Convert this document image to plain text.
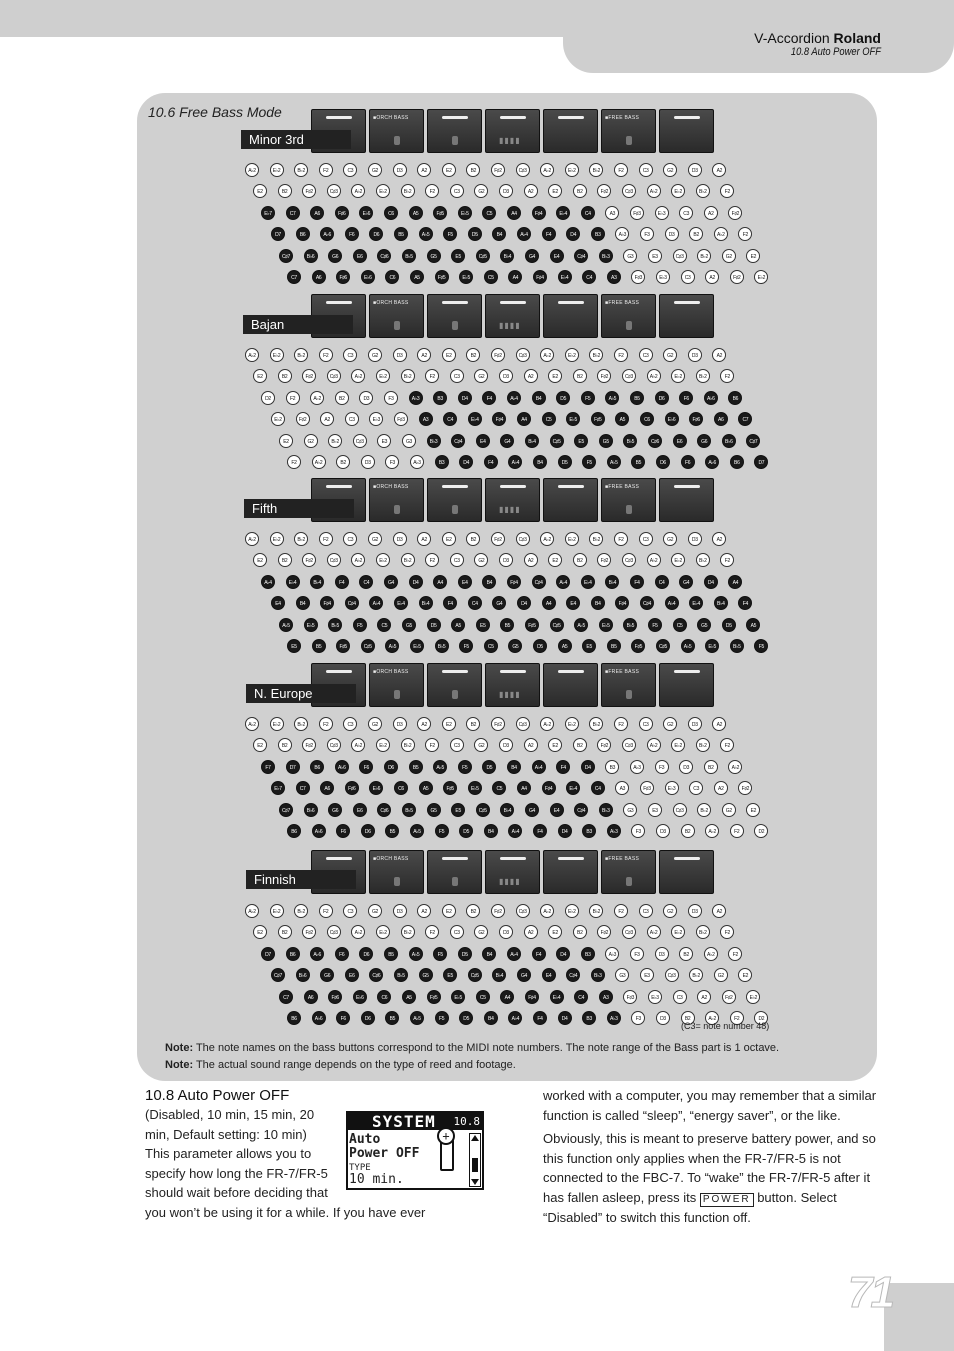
V-Accordion Roland
10.8 Auto Power OFF
10.6 Free Bass Mode	■ORCH BASS
▮▮▮▮
■FREE BASS
Minor 3rd
A♭2	E♭2	B♭2	F2	C3	G2	D3	A2	E2	B2	F♯2	C♯3	A♭2	E♭2	B♭2	F2	C3	G2	D3	A2
E2	B2	F♯2	C♯3	A♭2	E♭2	B♭2	F2	C3	G2	D3	A2	E2	B2	F♯2	C♯3	A♭2	E♭2	B♭2	F2
E♭7	C7	A6	F♯6	E♭6	C6	A5	F♯5	E♭5	C5	A4	F♯4	E♭4	C4	A3	F♯3	E♭3	C3	A2	F♯2
D7	B6	A♭6	F6	D6	B5	A♭5	F5	D5	B4	A♭4	F4	D4	B3	A♭3	F3	D3	B2	A♭2	F2
C♯7	B♭6	G6	E6	C♯6	B♭5	G5	E5	C♯5	B♭4	G4	E4	C♯4	B♭3	G3	E3	C♯3	B♭2	G2	E2
C7	A6	F♯6	E♭6	C6	A5	F♯5	E♭5	C5	A4	F♯4	E♭4	C4	A3	F♯3	E♭3	C3	A2	F♯2	E♭2
■ORCH BASS
▮▮▮▮
■FREE BASS
Bajan
A♭2	E♭2	B♭2	F2	C3	G2	D3	A2	E2	B2	F♯2	C♯3	A♭2	E♭2	B♭2	F2	C3	G2	D3	A2
E2	B2	F♯2	C♯3	A♭2	E♭2	B♭2	F2	C3	G2	D3	A2	E2	B2	F♯2	C♯3	A♭2	E♭2	B♭2	F2
D2	F2	A♭2	B2	D3	F3	A♭3	B3	D4	F4	A♭4	B4	D5	F5	A♭5	B5	D6	F6	A♭6	B6
E♭2	F♯2	A2	C3	E♭3	F♯3	A3	C4	E♭4	F♯4	A4	C5	E♭5	F♯5	A5	C6	E♭6	F♯6	A6	C7
E2	G2	B♭2	C♯3	E3	G3	B♭3	C♯4	E4	G4	B♭4	C♯5	E5	G5	B♭5	C♯6	E6	G6	B♭6	C♯7
F2	A♭2	B2	D3	F3	A♭3	B3	D4	F4	A♭4	B4	D5	F5	A♭5	B5	D6	F6	A♭6	B6	D7
■ORCH BASS
▮▮▮▮
■FREE BASS
Fifth
A♭2	E♭2	B♭2	F2	C3	G2	D3	A2	E2	B2	F♯2	C♯3	A♭2	E♭2	B♭2	F2	C3	G2	D3	A2
E2	B2	F♯2	C♯3	A♭2	E♭2	B♭2	F2	C3	G2	D3	A2	E2	B2	F♯2	C♯3	A♭2	E♭2	B♭2	F2
A♭4	E♭4	B♭4	F4	C4	G4	D4	A4	E4	B4	F♯4	C♯4	A♭4	E♭4	B♭4	F4	C4	G4	D4	A4
E4	B4	F♯4	C♯4	A♭4	E♭4	B♭4	F4	C4	G4	D4	A4	E4	B4	F♯4	C♯4	A♭4	E♭4	B♭4	F4
A♭5	E♭5	B♭5	F5	C5	G5	D5	A5	E5	B5	F♯5	C♯5	A♭5	E♭5	B♭5	F5	C5	G5	D5	A5
E5	B5	F♯5	C♯5	A♭5	E♭5	B♭5	F5	C5	G5	D5	A5	E5	B5	F♯5	C♯5	A♭5	E♭5	B♭5	F5
■ORCH BASS
▮▮▮▮
■FREE BASS
N. Europe
A♭2	E♭2	B♭2	F2	C3	G2	D3	A2	E2	B2	F♯2	C♯3	A♭2	E♭2	B♭2	F2	C3	G2	D3	A2
E2	B2	F♯2	C♯3	A♭2	E♭2	B♭2	F2	C3	G2	D3	A2	E2	B2	F♯2	C♯3	A♭2	E♭2	B♭2	F2
F7	D7	B6	A♭6	F6	D6	B5	A♭5	F5	D5	B4	A♭4	F4	D4	B3	A♭3	F3	D3	B2	A♭2
E♭7	C7	A6	F♯6	E♭6	C6	A5	F♯5	E♭5	C5	A4	F♯4	E♭4	C4	A3	F♯3	E♭3	C3	A2	F♯2
C♯7	B♭6	G6	E6	C♯6	B♭5	G5	E5	C♯5	B♭4	G4	E4	C♯4	B♭3	G3	E3	C♯3	B♭2	G2	E2
B6	A♭6	F6	D6	B5	A♭5	F5	D5	B4	A♭4	F4	D4	B3	A♭3	F3	D3	B2	A♭2	F2	D2
■ORCH BASS
▮▮▮▮
■FREE BASS
Finnish
A♭2	E♭2	B♭2	F2	C3	G2	D3	A2	E2	B2	F♯2	C♯3	A♭2	E♭2	B♭2	F2	C3	G2	D3	A2
E2	B2	F♯2	C♯3	A♭2	E♭2	B♭2	F2	C3	G2	D3	A2	E2	B2	F♯2	C♯3	A♭2	E♭2	B♭2	F2
D7	B6	A♭6	F6	D6	B5	A♭5	F5	D5	B4	A♭4	F4	D4	B3	A♭3	F3	D3	B2	A♭2	F2
C♯7	B♭6	G6	E6	C♯6	B♭5	G5	E5	C♯5	B♭4	G4	E4	C♯4	B♭3	G3	E3	C♯3	B♭2	G2	E2
C7	A6	F♯6	E♭6	C6	A5	F♯5	E♭5	C5	A4	F♯4	E♭4	C4	A3	F♯3	E♭3	C3	A2	F♯2	E♭2
B6	A♭6	F6	D6	B5	A♭5	F5	D5	B4	A♭4	F4	D4	B3	A♭3	F3	D3	B2	A♭2	F2	D2
(C3= note number 48)
Note: The note names on the bass buttons correspond to the MIDI note numbers. The note range of the Bass part is 1 octave.
Note: The actual sound range depends on the type of reed and footage.
10.8 Auto Power OFF
(Disabled, 10 min, 15 min, 20
min, Default setting: 10 min)
This parameter allows you to
specify how long the FR-7/FR-5
should wait before deciding that
you won’t be using it for a while. If you have ever
SYSTEM 10.8
Auto
Power OFF
TYPE
10 min.
+
worked with a computer, you may remember that a similar function is called “sleep”, “energy saver”, or the like.
Obviously, this is meant to preserve battery power, and so this function only applies when the FR-7/FR-5 is not connected to the FBC-7. To “wake” the FR-7/FR-5 after it has fallen asleep, press its POWER button. Select “Disabled” to switch this function off.
71
